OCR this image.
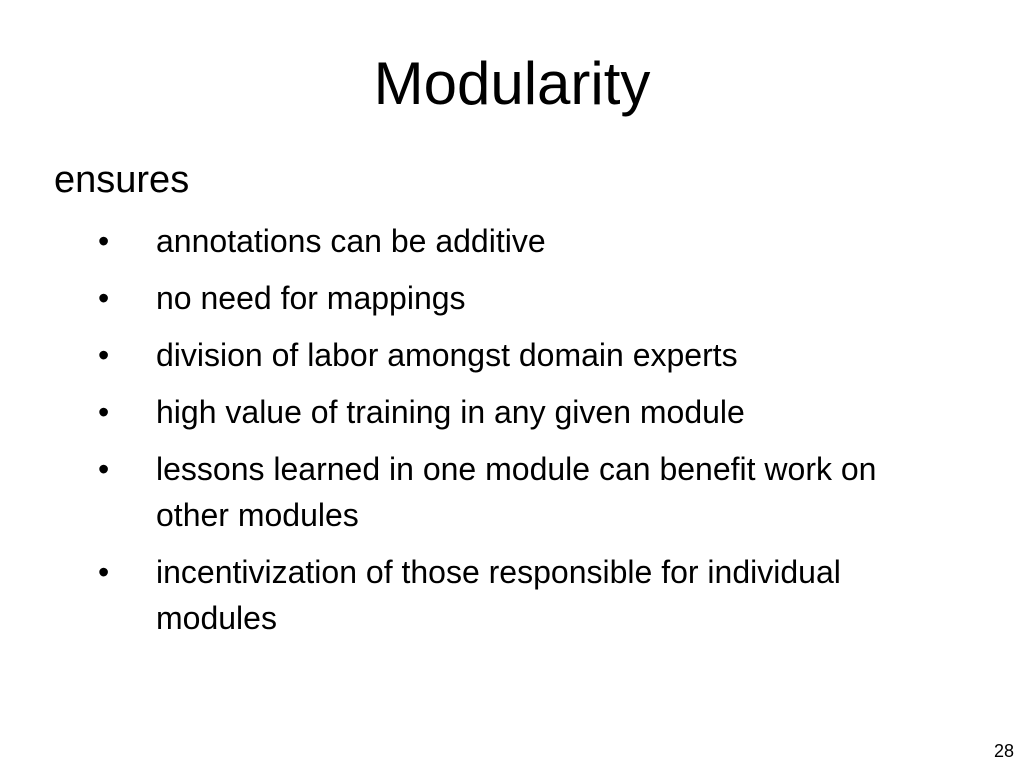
Modularity

ensures

• annotations can be additive
• no need for mappings
• division of labor amongst domain experts
• high value of training in any given module
• lessons learned in one module can benefit work on other modules
• incentivization of those responsible for individual modules
28
